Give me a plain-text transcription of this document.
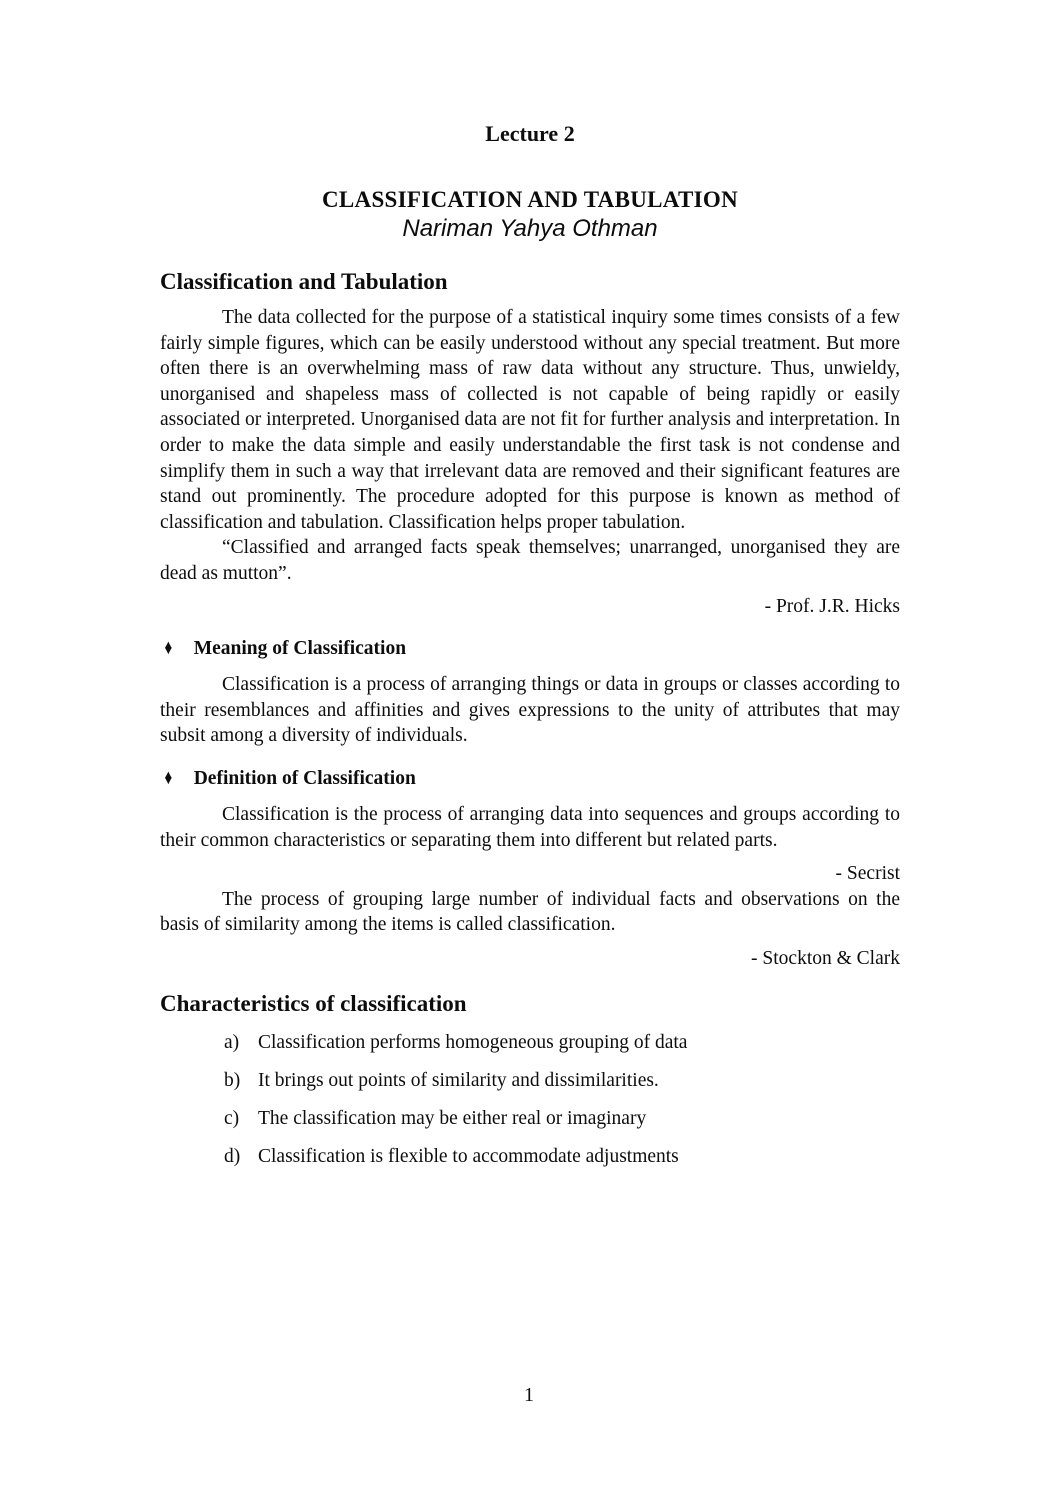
Lecture 2
CLASSIFICATION AND TABULATION
Nariman Yahya Othman
Classification and Tabulation

The data collected for the purpose of a statistical inquiry some times consists of a few fairly simple figures, which can be easily understood without any special treatment. But more often there is an overwhelming mass of raw data without any structure. Thus, unwieldy, unorganised and shapeless mass of collected is not capable of being rapidly or easily associated or interpreted. Unorganised data are not fit for further analysis and interpretation. In order to make the data simple and easily understandable the first task is not condense and simplify them in such a way that irrelevant data are removed and their significant features are stand out prominently. The procedure adopted for this purpose is known as method of classification and tabulation. Classification helps proper tabulation.

“Classified and arranged facts speak themselves; unarranged, unorganised they are dead as mutton”.

- Prof. J.R. Hicks
♦ Meaning of Classification

Classification is a process of arranging things or data in groups or classes according to their resemblances and affinities and gives expressions to the unity of attributes that may subsit among a diversity of individuals.

♦ Definition of Classification

Classification is the process of arranging data into sequences and groups according to their common characteristics or separating them into different but related parts.

- Secrist

The process of grouping large number of individual facts and observations on the basis of similarity among the items is called classification.

- Stockton & Clark
Characteristics of classification
a) Classification performs homogeneous grouping of data
b) It brings out points of similarity and dissimilarities.
c) The classification may be either real or imaginary
d) Classification is flexible to accommodate adjustments
1
